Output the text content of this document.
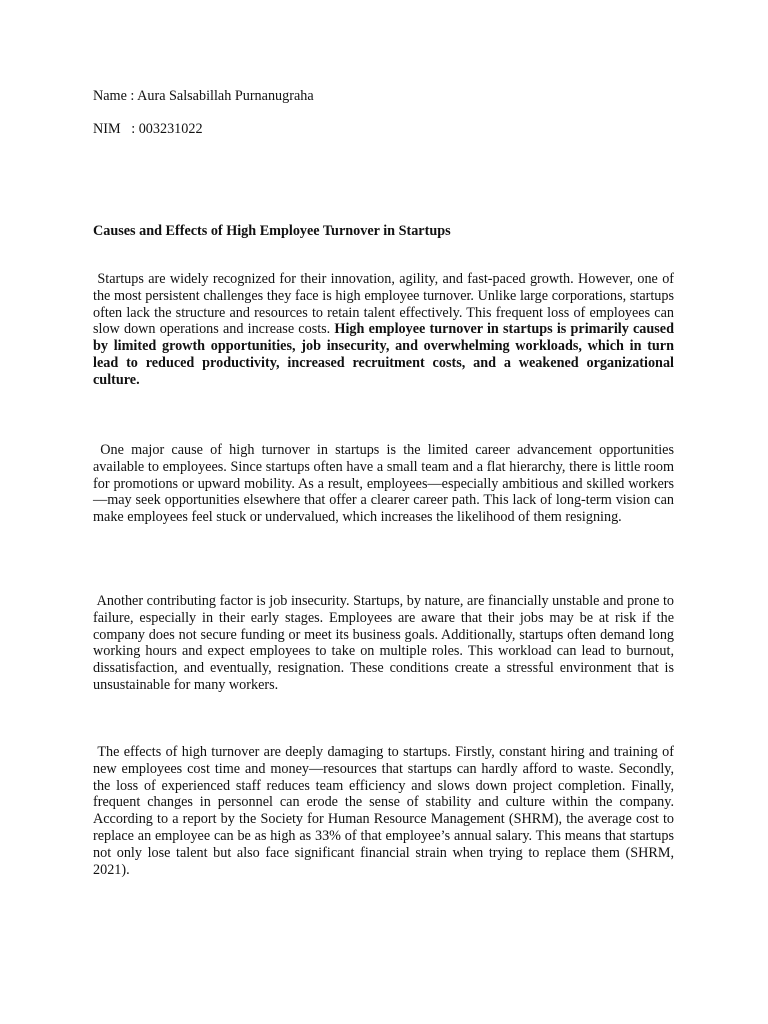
Name : Aura Salsabillah Purnanugraha

NIM   : 003231022

Causes and Effects of High Employee Turnover in Startups

Startups are widely recognized for their innovation, agility, and fast-paced growth. However, one of the most persistent challenges they face is high employee turnover. Unlike large corporations, startups often lack the structure and resources to retain talent effectively. This frequent loss of employees can slow down operations and increase costs. High employee turnover in startups is primarily caused by limited growth opportunities, job insecurity, and overwhelming workloads, which in turn lead to reduced productivity, increased recruitment costs, and a weakened organizational culture.

One major cause of high turnover in startups is the limited career advancement opportunities available to employees. Since startups often have a small team and a flat hierarchy, there is little room for promotions or upward mobility. As a result, employees—especially ambitious and skilled workers—may seek opportunities elsewhere that offer a clearer career path. This lack of long-term vision can make employees feel stuck or undervalued, which increases the likelihood of them resigning.

Another contributing factor is job insecurity. Startups, by nature, are financially unstable and prone to failure, especially in their early stages. Employees are aware that their jobs may be at risk if the company does not secure funding or meet its business goals. Additionally, startups often demand long working hours and expect employees to take on multiple roles. This workload can lead to burnout, dissatisfaction, and eventually, resignation. These conditions create a stressful environment that is unsustainable for many workers.

The effects of high turnover are deeply damaging to startups. Firstly, constant hiring and training of new employees cost time and money—resources that startups can hardly afford to waste. Secondly, the loss of experienced staff reduces team efficiency and slows down project completion. Finally, frequent changes in personnel can erode the sense of stability and culture within the company. According to a report by the Society for Human Resource Management (SHRM), the average cost to replace an employee can be as high as 33% of that employee’s annual salary. This means that startups not only lose talent but also face significant financial strain when trying to replace them (SHRM, 2021).
